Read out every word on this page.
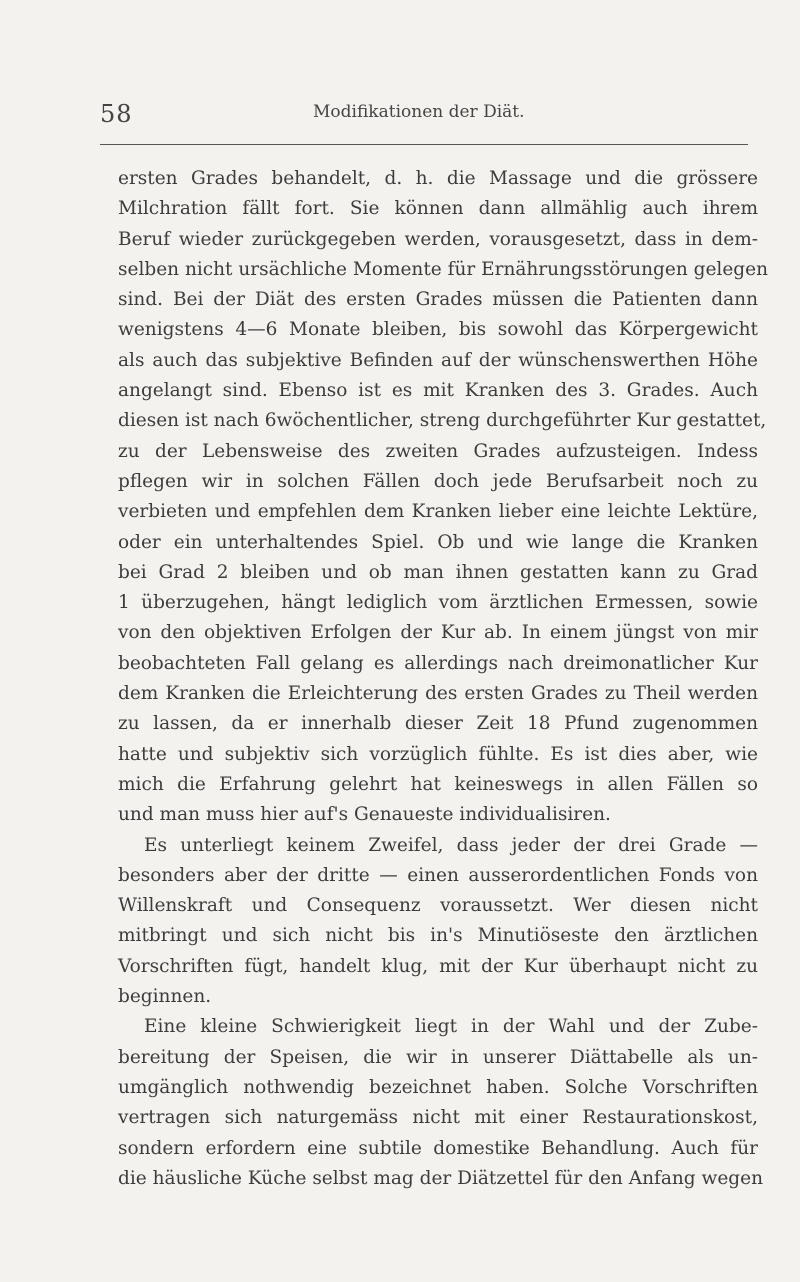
58	Modifikationen der Diät.
ersten Grades behandelt, d. h. die Massage und die grössere
Milchration fällt fort. Sie können dann allmählig auch ihrem
Beruf wieder zurückgegeben werden, vorausgesetzt, dass in dem-
selben nicht ursächliche Momente für Ernährungsstörungen gelegen
sind. Bei der Diät des ersten Grades müssen die Patienten dann
wenigstens 4—6 Monate bleiben, bis sowohl das Körpergewicht
als auch das subjektive Befinden auf der wünschenswerthen Höhe
angelangt sind. Ebenso ist es mit Kranken des 3. Grades. Auch
diesen ist nach 6wöchentlicher, streng durchgeführter Kur gestattet,
zu der Lebensweise des zweiten Grades aufzusteigen. Indess
pflegen wir in solchen Fällen doch jede Berufsarbeit noch zu
verbieten und empfehlen dem Kranken lieber eine leichte Lektüre,
oder ein unterhaltendes Spiel. Ob und wie lange die Kranken
bei Grad 2 bleiben und ob man ihnen gestatten kann zu Grad
1 überzugehen, hängt lediglich vom ärztlichen Ermessen, sowie
von den objektiven Erfolgen der Kur ab. In einem jüngst von mir
beobachteten Fall gelang es allerdings nach dreimonatlicher Kur
dem Kranken die Erleichterung des ersten Grades zu Theil werden
zu lassen, da er innerhalb dieser Zeit 18 Pfund zugenommen
hatte und subjektiv sich vorzüglich fühlte. Es ist dies aber, wie
mich die Erfahrung gelehrt hat keineswegs in allen Fällen so
und man muss hier auf's Genaueste individualisiren.
Es unterliegt keinem Zweifel, dass jeder der drei Grade —
besonders aber der dritte — einen ausserordentlichen Fonds von
Willenskraft und Consequenz voraussetzt. Wer diesen nicht
mitbringt und sich nicht bis in's Minutiöseste den ärztlichen
Vorschriften fügt, handelt klug, mit der Kur überhaupt nicht zu
beginnen.
Eine kleine Schwierigkeit liegt in der Wahl und der Zube-
bereitung der Speisen, die wir in unserer Diättabelle als un-
umgänglich nothwendig bezeichnet haben. Solche Vorschriften
vertragen sich naturgemäss nicht mit einer Restaurationskost,
sondern erfordern eine subtile domestike Behandlung. Auch für
die häusliche Küche selbst mag der Diätzettel für den Anfang wegen
